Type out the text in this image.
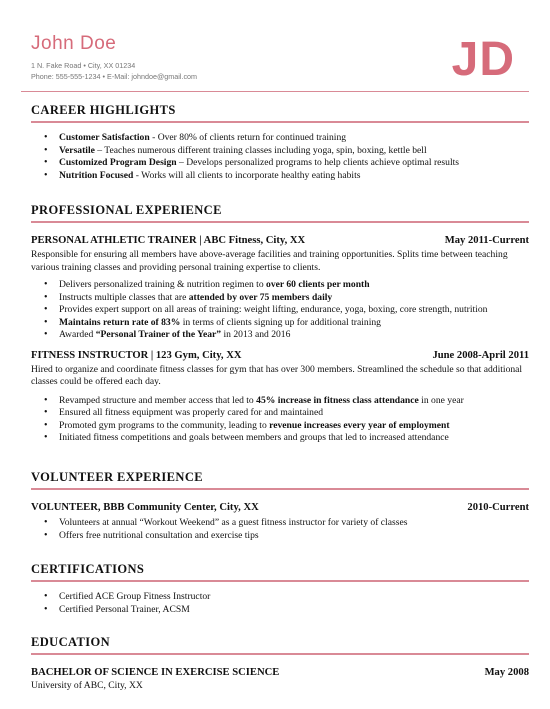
John Doe
1 N. Fake Road • City, XX 01234
Phone: 555-555-1234 • E-Mail: johndoe@gmail.com	JD
CAREER HIGHLIGHTS
• Customer Satisfaction - Over 80% of clients return for continued training
• Versatile – Teaches numerous different training classes including yoga, spin, boxing, kettle bell
• Customized Program Design – Develops personalized programs to help clients achieve optimal results
• Nutrition Focused - Works will all clients to incorporate healthy eating habits
PROFESSIONAL EXPERIENCE
PERSONAL ATHLETIC TRAINER | ABC Fitness, City, XX	May 2011-Current

Responsible for ensuring all members have above-average facilities and training opportunities. Splits time between teaching various training classes and providing personal training expertise to clients.

• Delivers personalized training & nutrition regimen to over 60 clients per month
• Instructs multiple classes that are attended by over 75 members daily
• Provides expert support on all areas of training: weight lifting, endurance, yoga, boxing, core strength, nutrition
• Maintains return rate of 83% in terms of clients signing up for additional training
• Awarded “Personal Trainer of the Year” in 2013 and 2016
FITNESS INSTRUCTOR | 123 Gym, City, XX	June 2008-April 2011

Hired to organize and coordinate fitness classes for gym that has over 300 members. Streamlined the schedule so that additional classes could be offered each day.

• Revamped structure and member access that led to 45% increase in fitness class attendance in one year
• Ensured all fitness equipment was properly cared for and maintained
• Promoted gym programs to the community, leading to revenue increases every year of employment
• Initiated fitness competitions and goals between members and groups that led to increased attendance
VOLUNTEER EXPERIENCE
VOLUNTEER, BBB Community Center, City, XX	2010-Current
• Volunteers at annual “Workout Weekend” as a guest fitness instructor for variety of classes
• Offers free nutritional consultation and exercise tips
CERTIFICATIONS
• Certified ACE Group Fitness Instructor
• Certified Personal Trainer, ACSM
EDUCATION
BACHELOR OF SCIENCE IN EXERCISE SCIENCE	May 2008

University of ABC, City, XX
